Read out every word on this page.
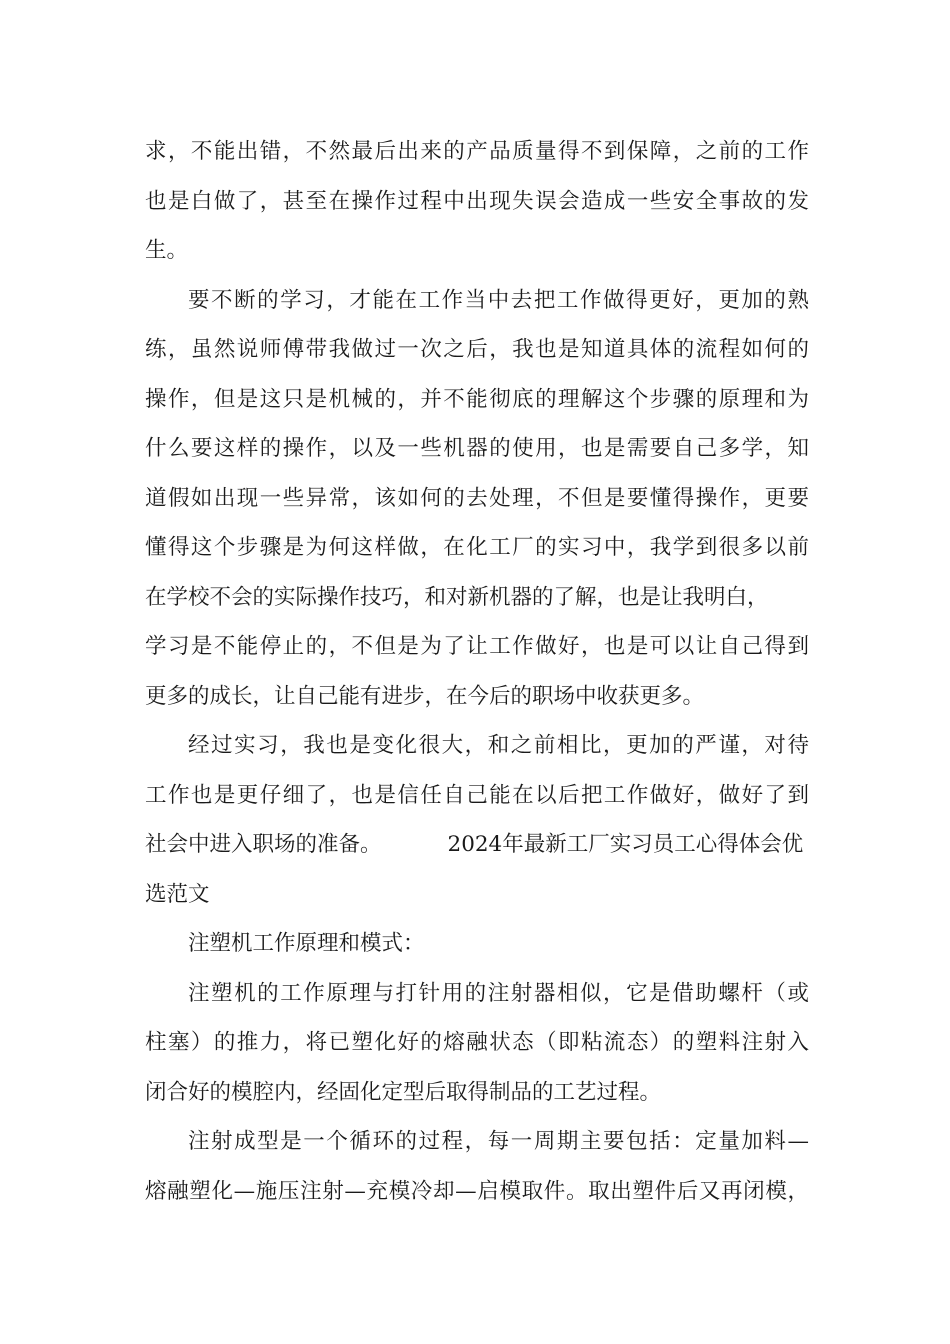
求，不能出错，不然最后出来的产品质量得不到保障，之前的工作
也是白做了，甚至在操作过程中出现失误会造成一些安全事故的发
生。
要不断的学习，才能在工作当中去把工作做得更好，更加的熟
练，虽然说师傅带我做过一次之后，我也是知道具体的流程如何的
操作，但是这只是机械的，并不能彻底的理解这个步骤的原理和为
什么要这样的操作，以及一些机器的使用，也是需要自己多学，知
道假如出现一些异常，该如何的去处理，不但是要懂得操作，更要
懂得这个步骤是为何这样做，在化工厂的实习中，我学到很多以前
在学校不会的实际操作技巧，和对新机器的了解，也是让我明白，
学习是不能停止的，不但是为了让工作做好，也是可以让自己得到
更多的成长，让自己能有进步，在今后的职场中收获更多。
经过实习，我也是变化很大，和之前相比，更加的严谨，对待
工作也是更仔细了，也是信任自己能在以后把工作做好，做好了到
社会中进入职场的准备。	2024年最新工厂实习员工心得体会优
选范文
注塑机工作原理和模式：
注塑机的工作原理与打针用的注射器相似，它是借助螺杆（或
柱塞）的推力，将已塑化好的熔融状态（即粘流态）的塑料注射入
闭合好的模腔内，经固化定型后取得制品的工艺过程。
注射成型是一个循环的过程，每一周期主要包括：定量加料—
熔融塑化—施压注射—充模冷却—启模取件。取出塑件后又再闭模，
